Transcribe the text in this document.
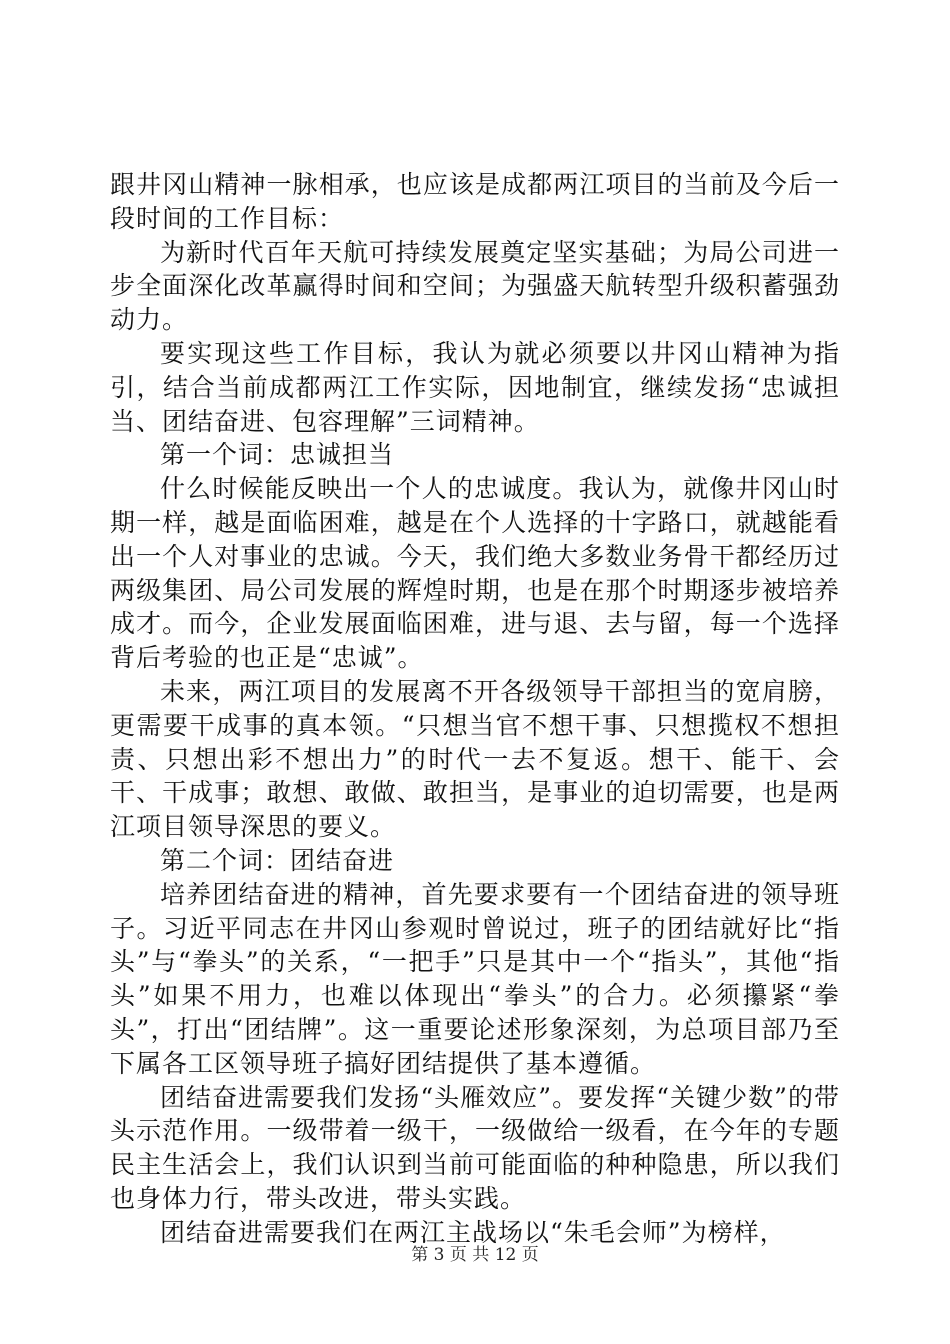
跟井冈山精神一脉相承，也应该是成都两江项目的当前及今后一段时间的工作目标：

为新时代百年天航可持续发展奠定坚实基础；为局公司进一步全面深化改革赢得时间和空间；为强盛天航转型升级积蓄强劲动力。

要实现这些工作目标，我认为就必须要以井冈山精神为指引，结合当前成都两江工作实际，因地制宜，继续发扬“忠诚担当、团结奋进、包容理解”三词精神。

第一个词：忠诚担当

什么时候能反映出一个人的忠诚度。我认为，就像井冈山时期一样，越是面临困难，越是在个人选择的十字路口，就越能看出一个人对事业的忠诚。今天，我们绝大多数业务骨干都经历过两级集团、局公司发展的辉煌时期，也是在那个时期逐步被培养成才。而今，企业发展面临困难，进与退、去与留，每一个选择背后考验的也正是“忠诚”。

未来，两江项目的发展离不开各级领导干部担当的宽肩膀，更需要干成事的真本领。“只想当官不想干事、只想揽权不想担责、只想出彩不想出力”的时代一去不复返。想干、能干、会干、干成事；敢想、敢做、敢担当，是事业的迫切需要，也是两江项目领导深思的要义。

第二个词：团结奋进

培养团结奋进的精神，首先要求要有一个团结奋进的领导班子。习近平同志在井冈山参观时曾说过，班子的团结就好比“指头”与“拳头”的关系，“一把手”只是其中一个“指头”，其他“指头”如果不用力，也难以体现出“拳头”的合力。必须攥紧“拳头”，打出“团结牌”。这一重要论述形象深刻，为总项目部乃至下属各工区领导班子搞好团结提供了基本遵循。

团结奋进需要我们发扬“头雁效应”。要发挥“关键少数”的带头示范作用。一级带着一级干，一级做给一级看，在今年的专题民主生活会上，我们认识到当前可能面临的种种隐患，所以我们也身体力行，带头改进，带头实践。

团结奋进需要我们在两江主战场以“朱毛会师”为榜样，

第 3 页 共 12 页
